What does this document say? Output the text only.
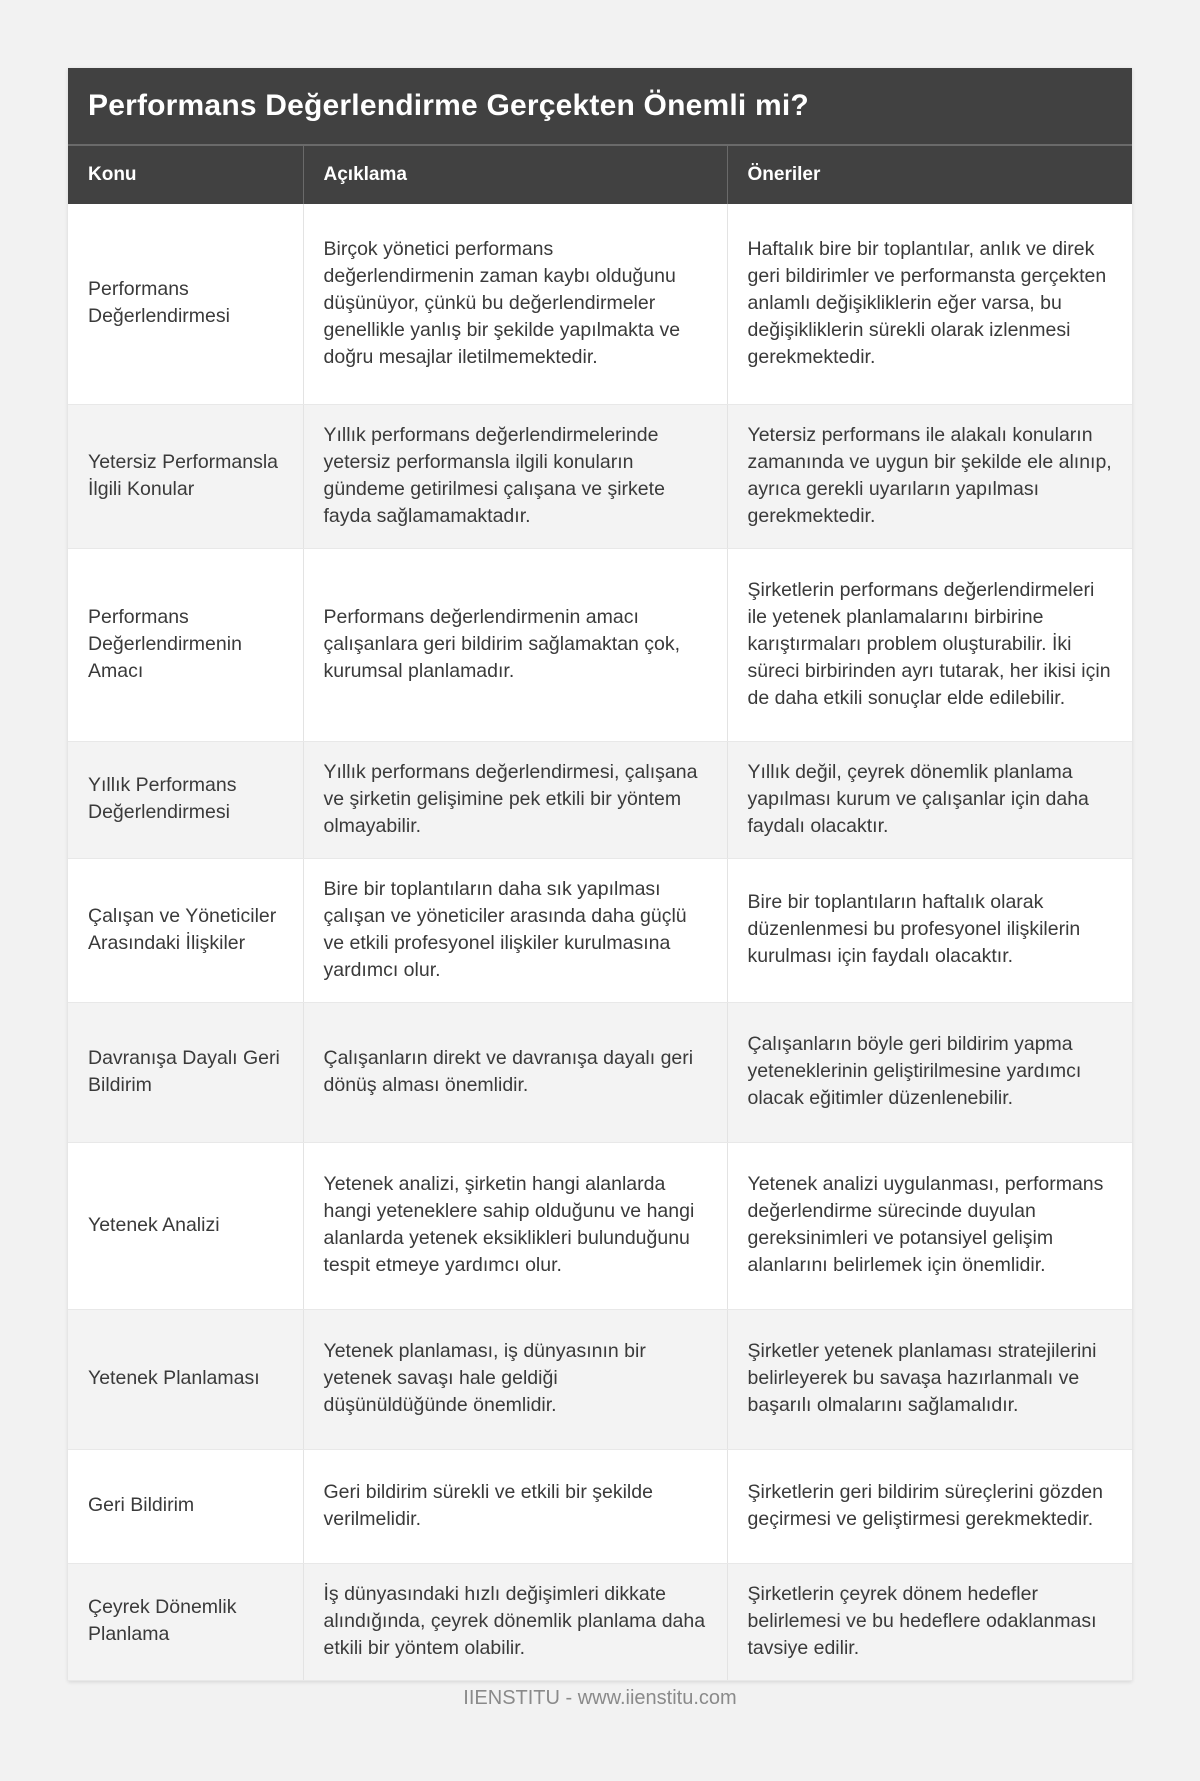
Performans Değerlendirme Gerçekten Önemli mi?
Konu	Açıklama	Öneriler
Performans Değerlendirmesi	Birçok yönetici performans değerlendirmenin zaman kaybı olduğunu düşünüyor, çünkü bu değerlendirmeler genellikle yanlış bir şekilde yapılmakta ve doğru mesajlar iletilmemektedir.	Haftalık bire bir toplantılar, anlık ve direk geri bildirimler ve performansta gerçekten anlamlı değişikliklerin eğer varsa, bu değişikliklerin sürekli olarak izlenmesi gerekmektedir.
Yetersiz Performansla İlgili Konular	Yıllık performans değerlendirmelerinde yetersiz performansla ilgili konuların gündeme getirilmesi çalışana ve şirkete fayda sağlamamaktadır.	Yetersiz performans ile alakalı konuların zamanında ve uygun bir şekilde ele alınıp, ayrıca gerekli uyarıların yapılması gerekmektedir.
Performans Değerlendirmenin Amacı	Performans değerlendirmenin amacı çalışanlara geri bildirim sağlamaktan çok, kurumsal planlamadır.	Şirketlerin performans değerlendirmeleri ile yetenek planlamalarını birbirine karıştırmaları problem oluşturabilir. İki süreci birbirinden ayrı tutarak, her ikisi için de daha etkili sonuçlar elde edilebilir.
Yıllık Performans Değerlendirmesi	Yıllık performans değerlendirmesi, çalışana ve şirketin gelişimine pek etkili bir yöntem olmayabilir.	Yıllık değil, çeyrek dönemlik planlama yapılması kurum ve çalışanlar için daha faydalı olacaktır.
Çalışan ve Yöneticiler Arasındaki İlişkiler	Bire bir toplantıların daha sık yapılması çalışan ve yöneticiler arasında daha güçlü ve etkili profesyonel ilişkiler kurulmasına yardımcı olur.	Bire bir toplantıların haftalık olarak düzenlenmesi bu profesyonel ilişkilerin kurulması için faydalı olacaktır.
Davranışa Dayalı Geri Bildirim	Çalışanların direkt ve davranışa dayalı geri dönüş alması önemlidir.	Çalışanların böyle geri bildirim yapma yeteneklerinin geliştirilmesine yardımcı olacak eğitimler düzenlenebilir.
Yetenek Analizi	Yetenek analizi, şirketin hangi alanlarda hangi yeteneklere sahip olduğunu ve hangi alanlarda yetenek eksiklikleri bulunduğunu tespit etmeye yardımcı olur.	Yetenek analizi uygulanması, performans değerlendirme sürecinde duyulan gereksinimleri ve potansiyel gelişim alanlarını belirlemek için önemlidir.
Yetenek Planlaması	Yetenek planlaması, iş dünyasının bir yetenek savaşı hale geldiği düşünüldüğünde önemlidir.	Şirketler yetenek planlaması stratejilerini belirleyerek bu savaşa hazırlanmalı ve başarılı olmalarını sağlamalıdır.
Geri Bildirim	Geri bildirim sürekli ve etkili bir şekilde verilmelidir.	Şirketlerin geri bildirim süreçlerini gözden geçirmesi ve geliştirmesi gerekmektedir.
Çeyrek Dönemlik Planlama	İş dünyasındaki hızlı değişimleri dikkate alındığında, çeyrek dönemlik planlama daha etkili bir yöntem olabilir.	Şirketlerin çeyrek dönem hedefler belirlemesi ve bu hedeflere odaklanması tavsiye edilir.
IIENSTITU - www.iienstitu.com
